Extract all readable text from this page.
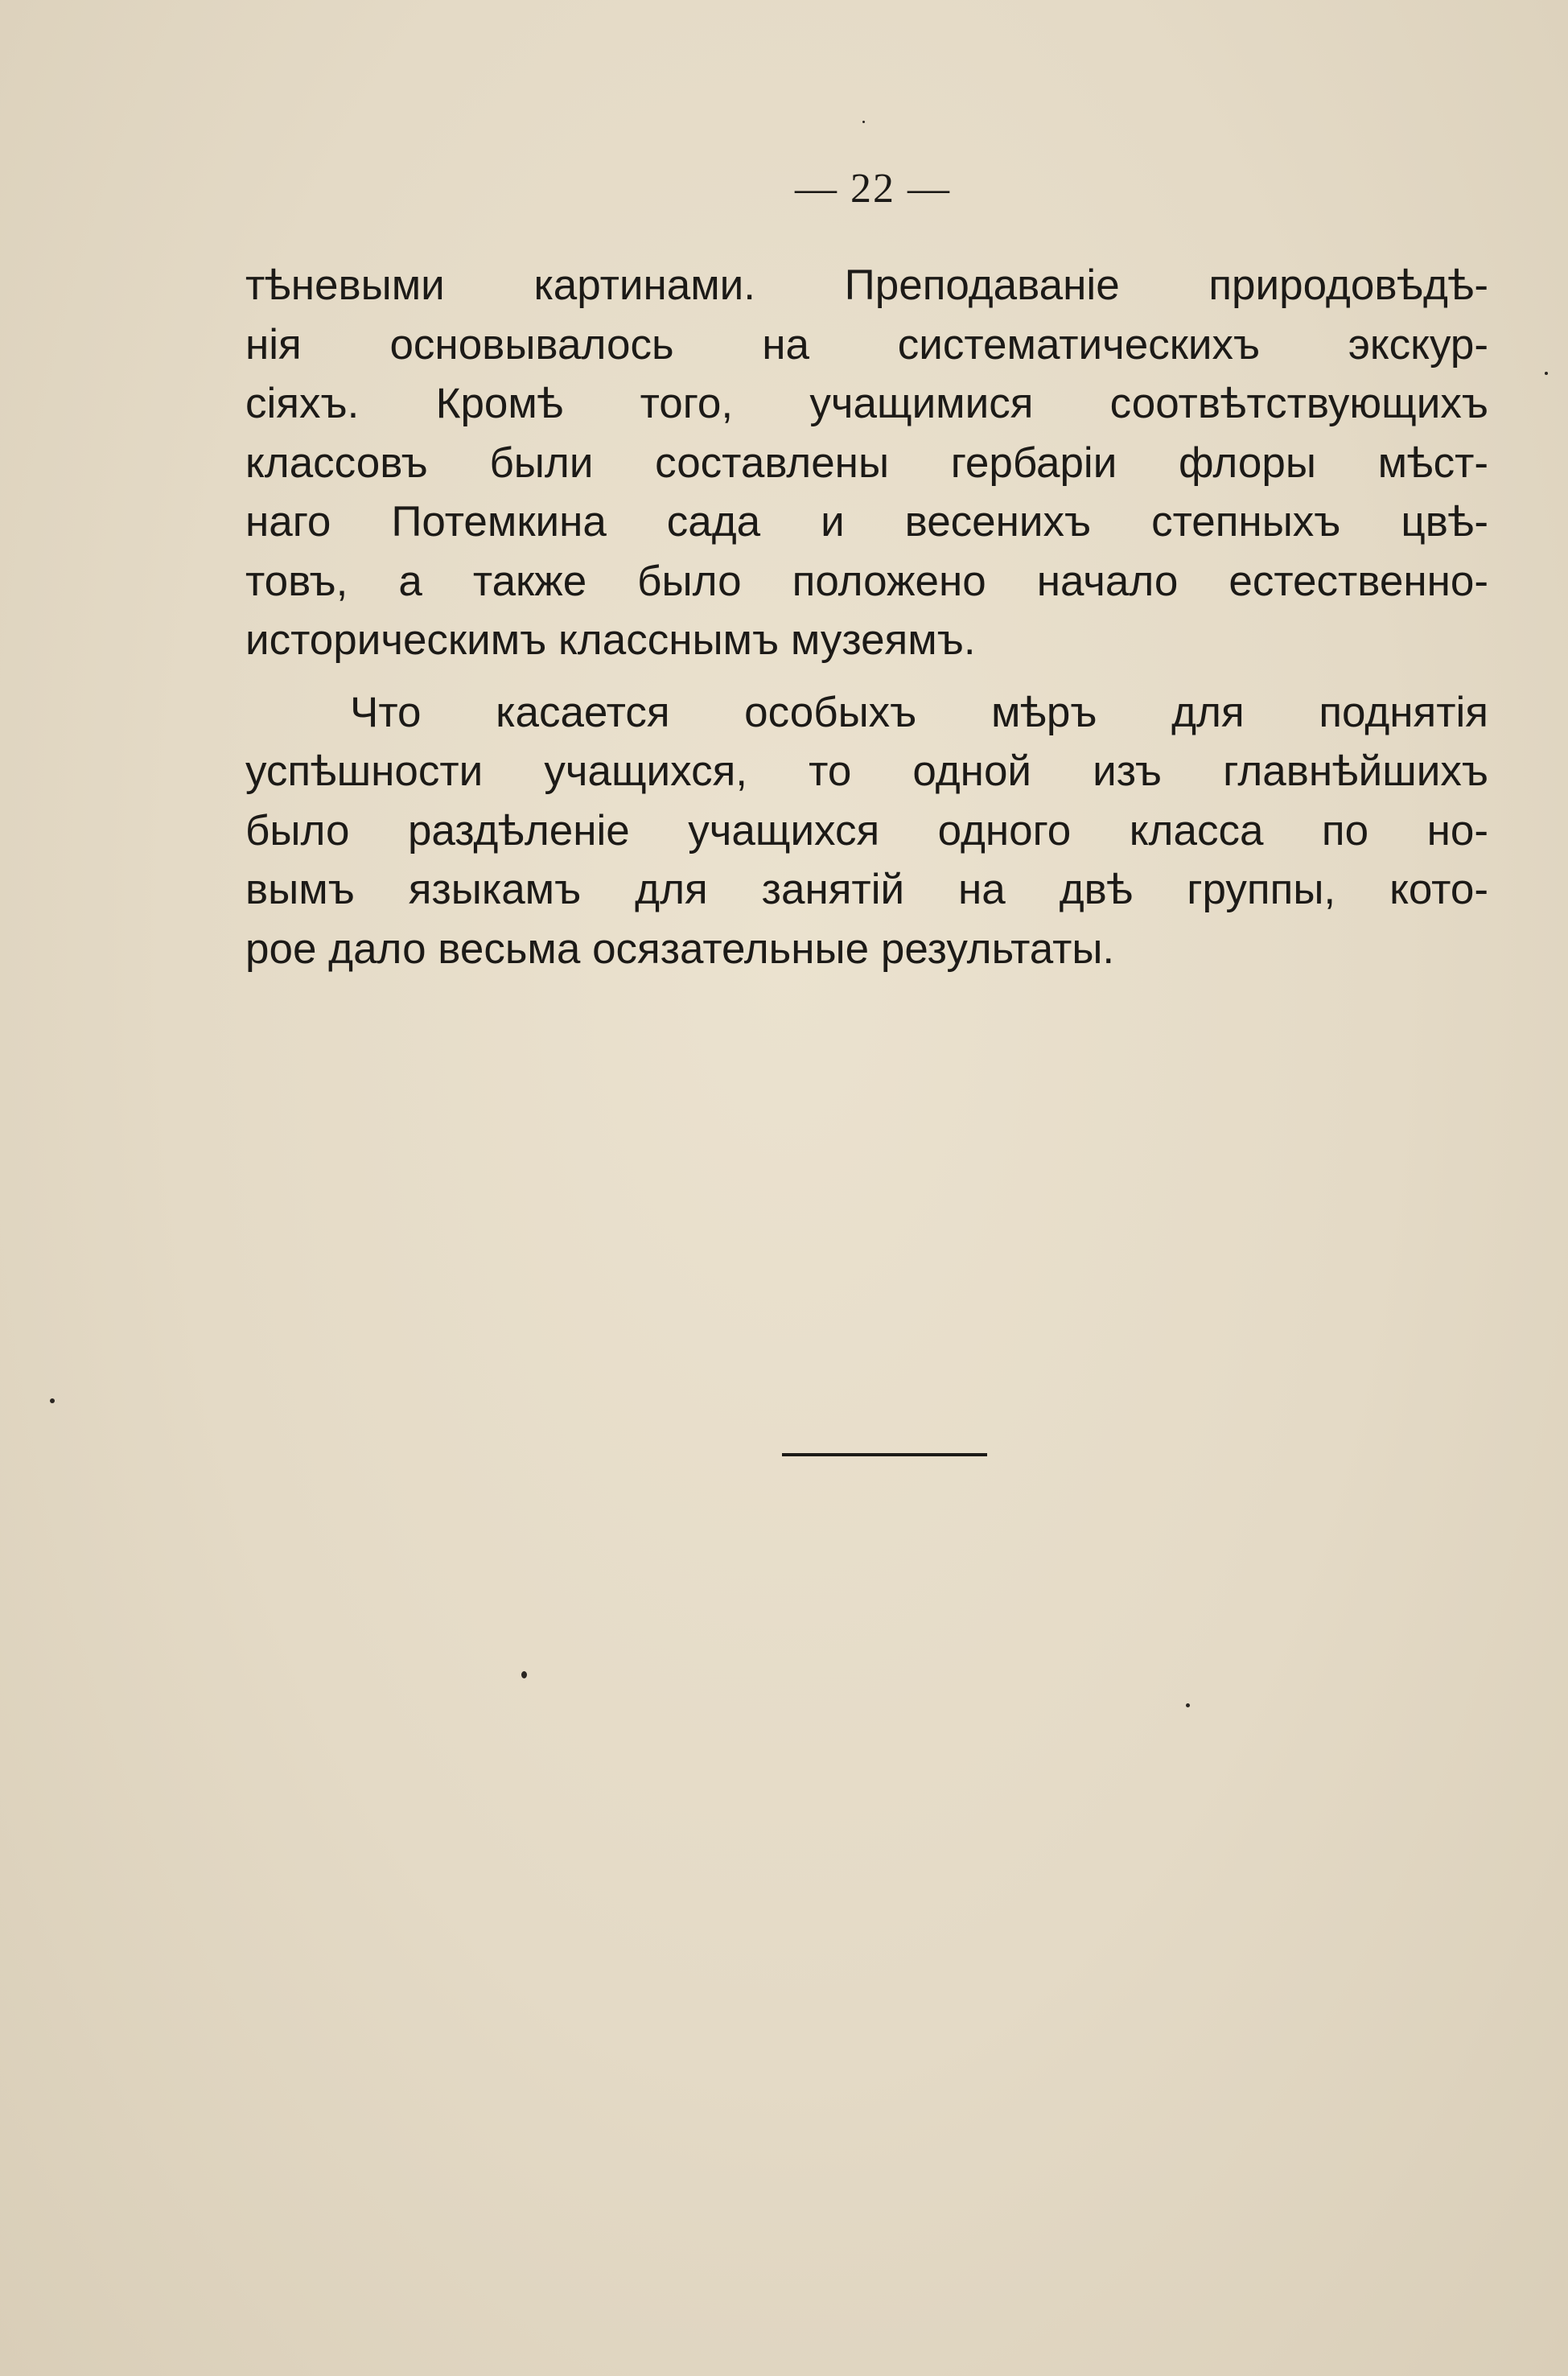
— 22 —
тѣневыми картинами. Преподаваніе природовѣдѣ-
нія основывалось на систематическихъ экскур-
сіяхъ. Кромѣ того, учащимися соотвѣтствующихъ
классовъ были составлены гербаріи флоры мѣст-
наго Потемкина сада и весенихъ степныхъ цвѣ-
товъ, а также было положено начало естественно-
историческимъ класснымъ музеямъ.
Что касается особыхъ мѣръ для поднятія
успѣшности учащихся, то одной изъ главнѣйшихъ
было раздѣленіе учащихся одного класса по но-
вымъ языкамъ для занятій на двѣ группы, кото-
рое дало весьма осязательные результаты.
